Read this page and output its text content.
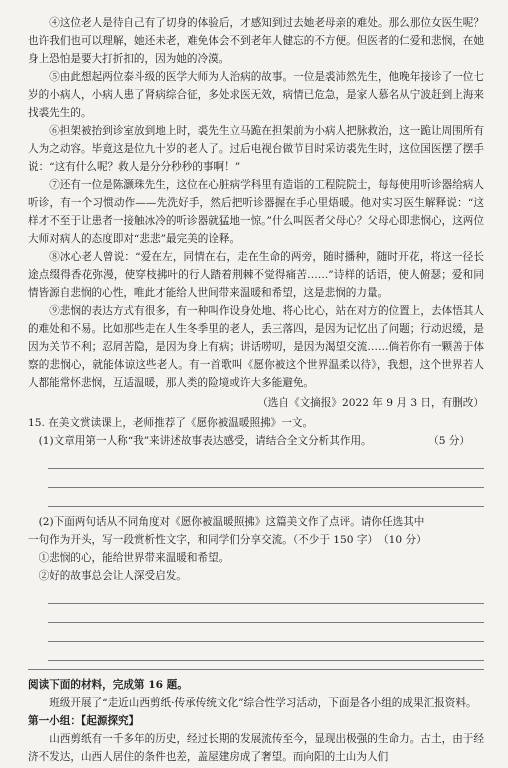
④这位老人是待自己有了切身的体验后，才感知到过去她老母亲的难处。那么那位女医生呢？也许我们也可以理解，她还未老，难免体会不到老年人健忘的不方便。但医者的仁爱和悲悯，在她身上恐怕是要大打折扣的，因为她的冷漠。

⑤由此想起两位泰斗级的医学大师为人治病的故事。一位是裘沛然先生，他晚年接诊了一位七岁的小病人，小病人患了肾病综合征，多处求医无效，病情已危急，是家人慕名从宁波赶到上海来找裘先生的。

⑥担架被抬到诊室放到地上时，裘先生立马跪在担架前为小病人把脉救治，这一跪让周围所有人为之动容。毕竟这是位九十岁的老人了。过后电视台做节目时采访裘先生时，这位国医摆了摆手说：“这有什么呢？救人是分分秒秒的事啊！”

⑦还有一位是陈灏珠先生，这位在心脏病学科里有造诣的工程院院士，每每使用听诊器给病人听诊，有一个习惯动作——先洗好手，然后把听诊器握在手心里焐暖。他对实习医生解释说：“这样才不至于让患者一接触冰冷的听诊器就猛地一惊。”什么叫医者父母心？父母心即悲悯心，这两位大师对病人的态度即对“悲悲”最完美的诠释。

⑧冰心老人曾说：“爱在左，同情在右，走在生命的两旁，随时播种，随时开花，将这一径长途点缀得香花弥漫，使穿枝拂叶的行人踏着荆棘不觉得痛苦……”诗样的话语，使人俯瑟；爱和同情皆源自悲悯的心性，唯此才能给人世间带来温暖和希望，这是悲悯的力量。

⑨悲悯的表达方式有很多，有一种叫作设身处地、将心比心，站在对方的位置上，去体悟其人的难处和不易。比如那些走在人生冬季里的老人，丢三落四，是因为记忆出了问题；行动迟缓，是因为关节不利；忍屑苦隐，是因为身上有病；讲话唠叨，是因为渴望交流……倘若你有一颗善于体察的悲悯心，就能体谅这些老人。有一首歌叫《愿你被这个世界温柔以待》，我想，这个世界若人人都能常怀悲悯，互适温暖，那人类的险境或许大多能避免。

（选自《文摘报》2022 年 9 月 3 日，有删改）

15. 在美文赏读课上，老师推荐了《愿你被温暖照拂》一文。

(1)文章用第一人称“我”来讲述故事表达感受，请结合全文分析其作用。	（5 分）

(2)下面两句话从不同角度对《愿你被温暖照拂》这篇美文作了点评。请你任选其中

一句作为开头，写一段赏析性文字，和同学们分享交流。（不少于 150 字）　（10 分）

①悲悯的心，能给世界带来温暖和希望。

②好的故事总会让人深受启发。

阅读下面的材料，完成第 16 题。

班级开展了“走近山西剪纸·传承传统文化”综合性学习活动，下面是各小组的成果汇报资料。

第一小组：【起源探究】

山西剪纸有一千多年的历史，经过长期的发展流传至今，显现出极强的生命力。古土，由于经济不发达，山西人居住的条件也差，盖屋建房成了奢望。而向阳的土山为人们
